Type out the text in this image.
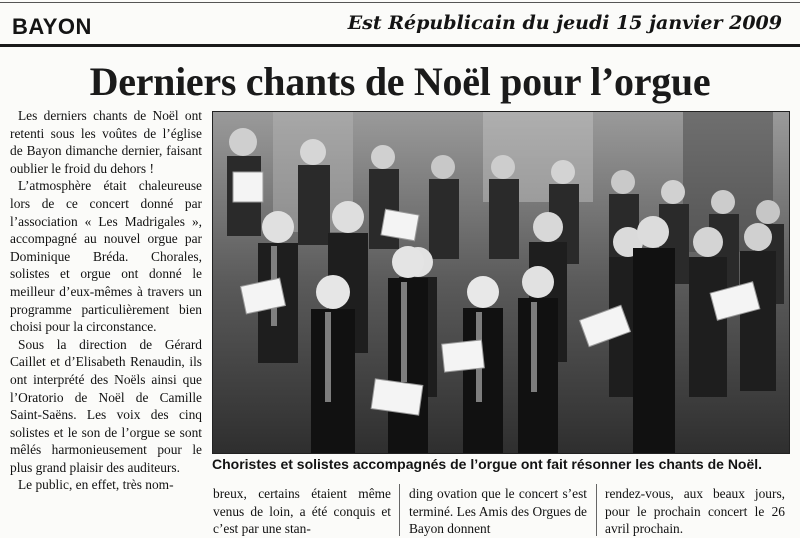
BAYON	Est Républicain du jeudi 15 janvier 2009
Derniers chants de Noël pour l’orgue

Les derniers chants de Noël ont retenti sous les voûtes de l’église de Bayon dimanche dernier, faisant oublier le froid du dehors !

L’atmosphère était chaleureuse lors de ce concert donné par l’association « Les Madrigales », accompagné au nouvel orgue par Dominique Bréda. Chorales, solistes et orgue ont donné le meilleur d’eux-mêmes à travers un programme particulièrement bien choisi pour la circonstance.

Sous la direction de Gérard Caillet et d’Elisabeth Renaudin, ils ont interprété des Noëls ainsi que l’Oratorio de Noël de Camille Saint-Saëns. Les voix des cinq solistes et le son de l’orgue se sont mêlés harmonieusement pour le plus grand plaisir des auditeurs.

Le public, en effet, très nom-

Choristes et solistes accompagnés de l’orgue ont fait résonner les chants de Noël.

breux, certains étaient même venus de loin, a été conquis et c’est par une stan-

ding ovation que le concert s’est terminé. Les Amis des Orgues de Bayon donnent

rendez-vous, aux beaux jours, pour le prochain concert le 26 avril prochain.
